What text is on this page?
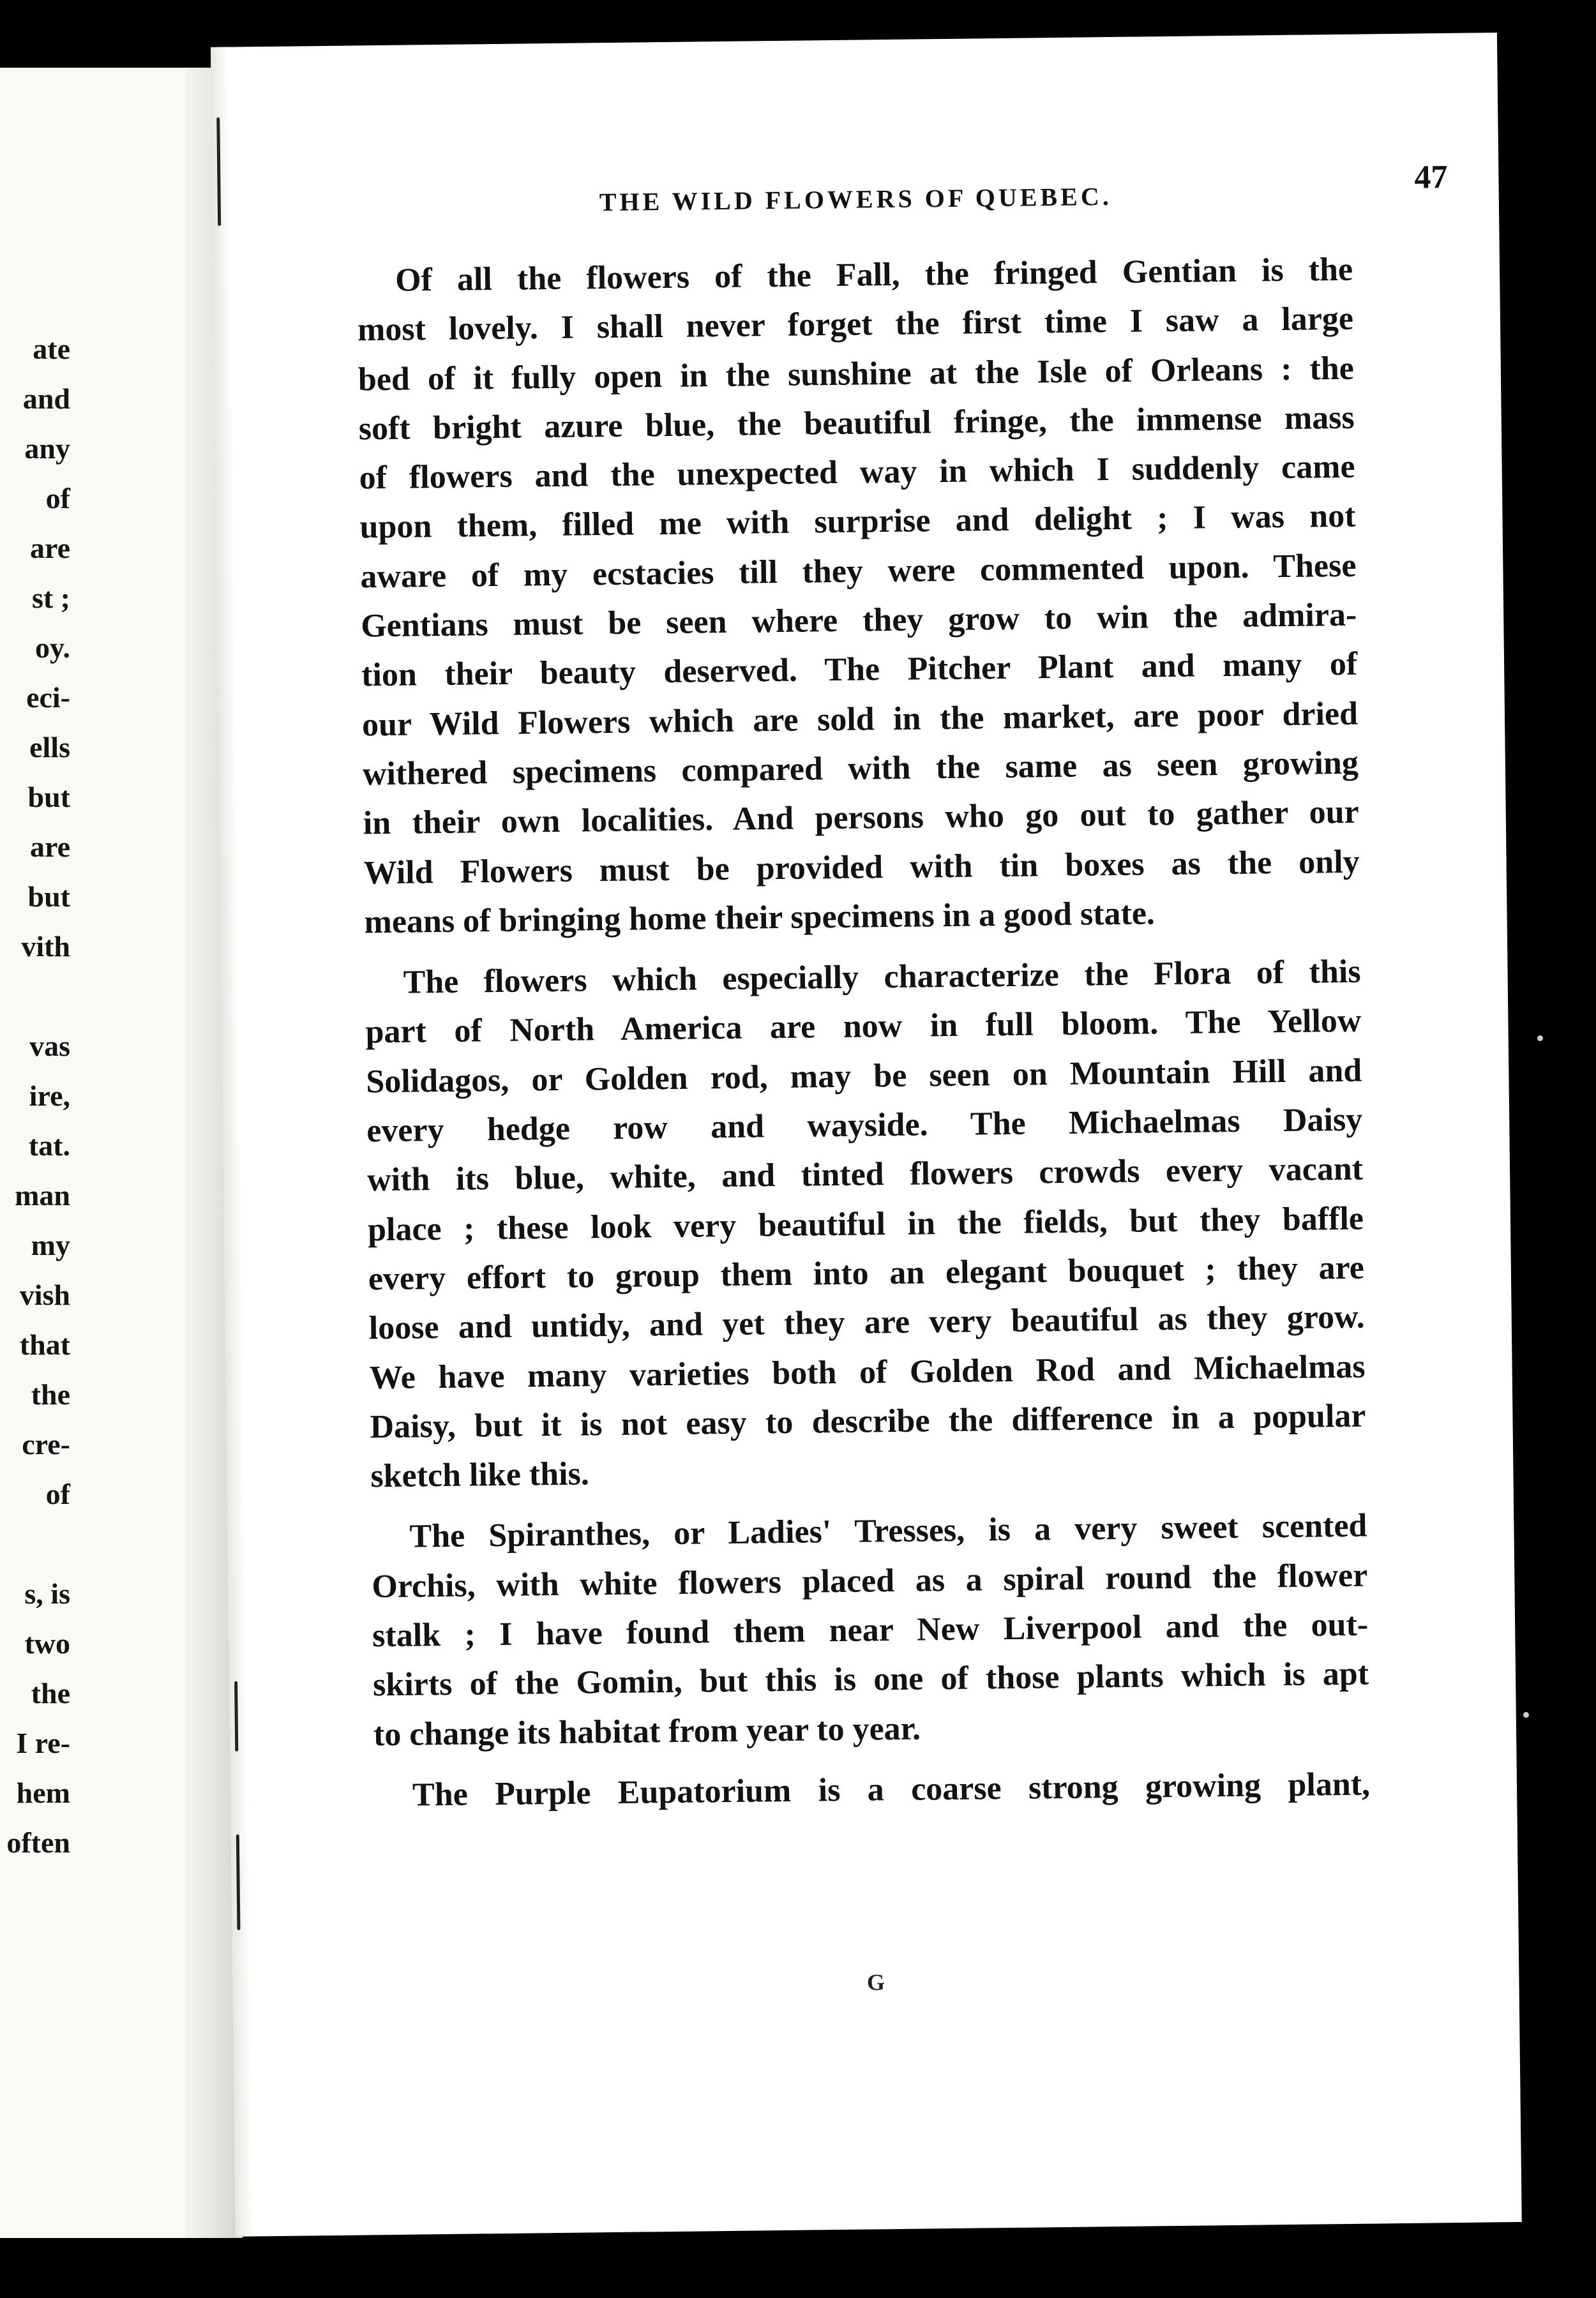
ate
and
any
of
are
st ;
oy.
eci-
ells
but
are
but
vith
vas
ire,
tat.
man
my
vish
that
the
cre-
of
s, is
two
the
I re-
hem
often
THE WILD FLOWERS OF QUEBEC.
47

Of all the flowers of the Fall, the fringed Gentian is the
most lovely. I shall never forget the first time I saw a large
bed of it fully open in the sunshine at the Isle of Orleans : the
soft bright azure blue, the beautiful fringe, the immense mass
of flowers and the unexpected way in which I suddenly came
upon them, filled me with surprise and delight ; I was not
aware of my ecstacies till they were commented upon. These
Gentians must be seen where they grow to win the admira-
tion their beauty deserved. The Pitcher Plant and many of
our Wild Flowers which are sold in the market, are poor dried
withered specimens compared with the same as seen growing
in their own localities. And persons who go out to gather our
Wild Flowers must be provided with tin boxes as the only
means of bringing home their specimens in a good state.

The flowers which especially characterize the Flora of this
part of North America are now in full bloom. The Yellow
Solidagos, or Golden rod, may be seen on Mountain Hill and
every hedge row and wayside. The Michaelmas Daisy
with its blue, white, and tinted flowers crowds every vacant
place ; these look very beautiful in the fields, but they baffle
every effort to group them into an elegant bouquet ; they are
loose and untidy, and yet they are very beautiful as they grow.
We have many varieties both of Golden Rod and Michaelmas
Daisy, but it is not easy to describe the difference in a popular
sketch like this.

The Spiranthes, or Ladies' Tresses, is a very sweet scented
Orchis, with white flowers placed as a spiral round the flower
stalk ; I have found them near New Liverpool and the out-
skirts of the Gomin, but this is one of those plants which is apt
to change its habitat from year to year.

The Purple Eupatorium is a coarse strong growing plant,

G
